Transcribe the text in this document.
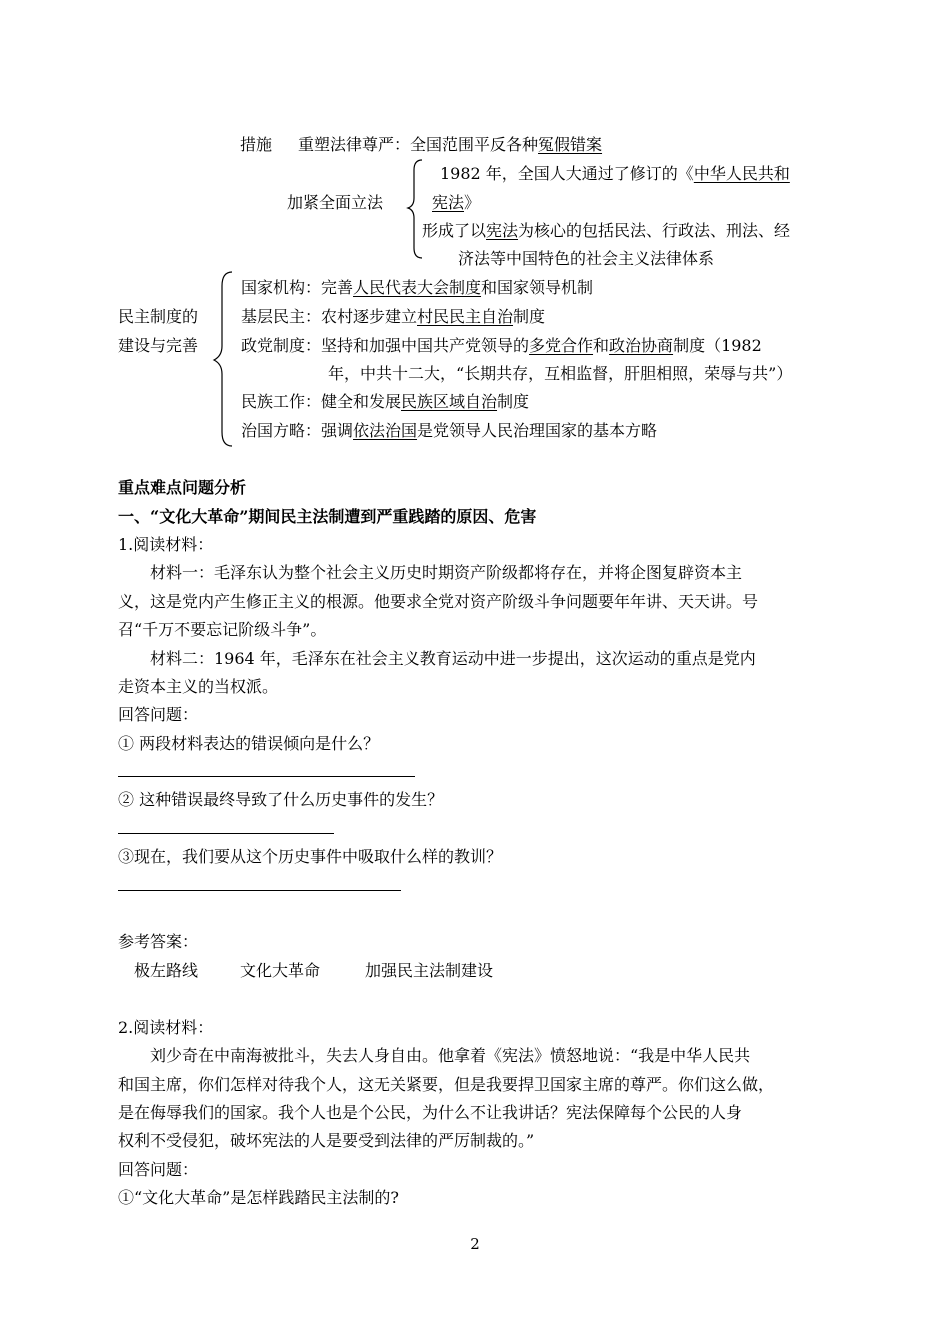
措施 重塑法律尊严：全国范围平反各种冤假错案
加紧全面立法
1982 年，全国人大通过了修订的《中华人民共和
宪法》
形成了以宪法为核心的包括民法、行政法、刑法、经
济法等中国特色的社会主义法律体系
民主制度的
建设与完善
国家机构：完善人民代表大会制度和国家领导机制
基层民主：农村逐步建立村民民主自治制度
政党制度：坚持和加强中国共产党领导的多党合作和政治协商制度（1982
年，中共十二大，“长期共存，互相监督，肝胆相照，荣辱与共”）
民族工作：健全和发展民族区域自治制度
治国方略：强调依法治国是党领导人民治理国家的基本方略
重点难点问题分析
一、“文化大革命”期间民主法制遭到严重践踏的原因、危害
1.阅读材料：
材料一：毛泽东认为整个社会主义历史时期资产阶级都将存在，并将企图复辟资本主
义，这是党内产生修正主义的根源。他要求全党对资产阶级斗争问题要年年讲、天天讲。号
召“千万不要忘记阶级斗争”。
材料二：1964 年，毛泽东在社会主义教育运动中进一步提出，这次运动的重点是党内
走资本主义的当权派。
回答问题：
① 两段材料表达的错误倾向是什么？
② 这种错误最终导致了什么历史事件的发生？
③现在，我们要从这个历史事件中吸取什么样的教训？
参考答案：
极左路线	文化大革命	加强民主法制建设
2.阅读材料：
刘少奇在中南海被批斗，失去人身自由。他拿着《宪法》愤怒地说：“我是中华人民共
和国主席，你们怎样对待我个人，这无关紧要，但是我要捍卫国家主席的尊严。你们这么做，
是在侮辱我们的国家。我个人也是个公民，为什么不让我讲话？宪法保障每个公民的人身
权利不受侵犯，破坏宪法的人是要受到法律的严厉制裁的。”
回答问题：
①“文化大革命”是怎样践踏民主法制的?
2
